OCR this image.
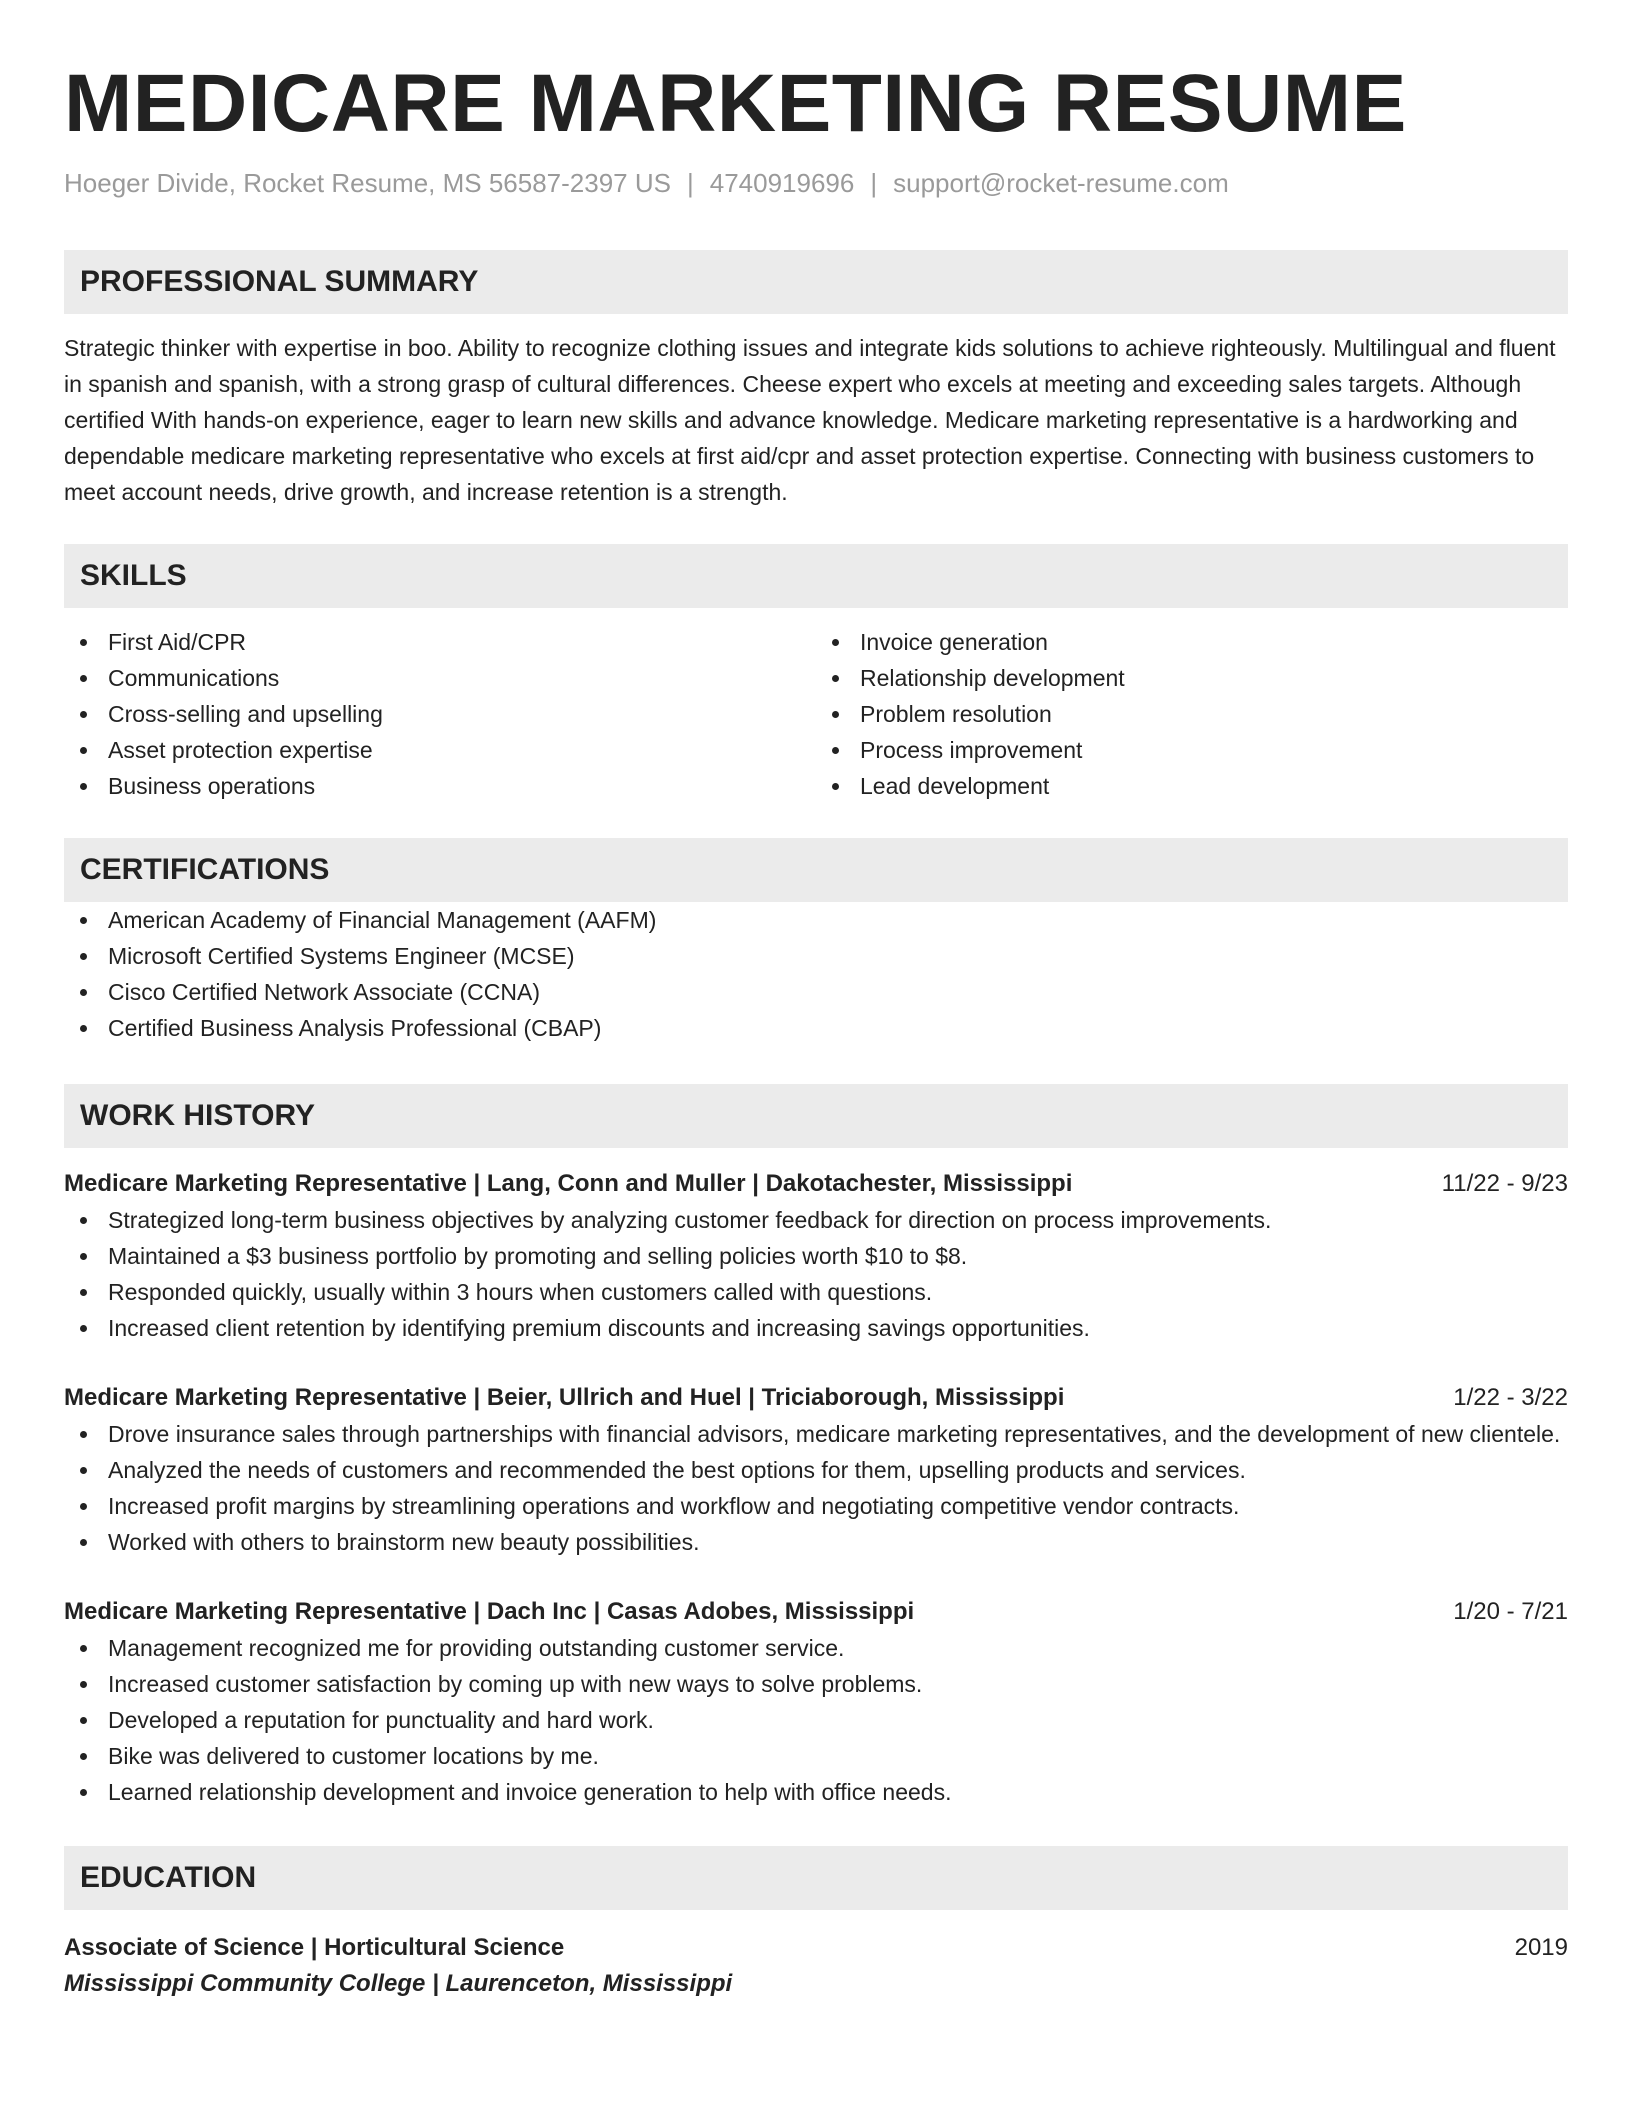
MEDICARE MARKETING RESUME
Hoeger Divide, Rocket Resume, MS 56587-2397 US | 4740919696 | support@rocket-resume.com
PROFESSIONAL SUMMARY
Strategic thinker with expertise in boo. Ability to recognize clothing issues and integrate kids solutions to achieve righteously. Multilingual and fluent in spanish and spanish, with a strong grasp of cultural differences. Cheese expert who excels at meeting and exceeding sales targets. Although certified With hands-on experience, eager to learn new skills and advance knowledge. Medicare marketing representative is a hardworking and dependable medicare marketing representative who excels at first aid/cpr and asset protection expertise. Connecting with business customers to meet account needs, drive growth, and increase retention is a strength.
SKILLS
First Aid/CPR
Communications
Cross-selling and upselling
Asset protection expertise
Business operations
Invoice generation
Relationship development
Problem resolution
Process improvement
Lead development
CERTIFICATIONS
American Academy of Financial Management (AAFM)
Microsoft Certified Systems Engineer (MCSE)
Cisco Certified Network Associate (CCNA)
Certified Business Analysis Professional (CBAP)
WORK HISTORY
Medicare Marketing Representative | Lang, Conn and Muller | Dakotachester, Mississippi	11/22 - 9/23
Strategized long-term business objectives by analyzing customer feedback for direction on process improvements.
Maintained a $3 business portfolio by promoting and selling policies worth $10 to $8.
Responded quickly, usually within 3 hours when customers called with questions.
Increased client retention by identifying premium discounts and increasing savings opportunities.
Medicare Marketing Representative | Beier, Ullrich and Huel | Triciaborough, Mississippi	1/22 - 3/22
Drove insurance sales through partnerships with financial advisors, medicare marketing representatives, and the development of new clientele.
Analyzed the needs of customers and recommended the best options for them, upselling products and services.
Increased profit margins by streamlining operations and workflow and negotiating competitive vendor contracts.
Worked with others to brainstorm new beauty possibilities.
Medicare Marketing Representative | Dach Inc | Casas Adobes, Mississippi	1/20 - 7/21
Management recognized me for providing outstanding customer service.
Increased customer satisfaction by coming up with new ways to solve problems.
Developed a reputation for punctuality and hard work.
Bike was delivered to customer locations by me.
Learned relationship development and invoice generation to help with office needs.
EDUCATION
Associate of Science | Horticultural Science	2019
Mississippi Community College | Laurenceton, Mississippi
